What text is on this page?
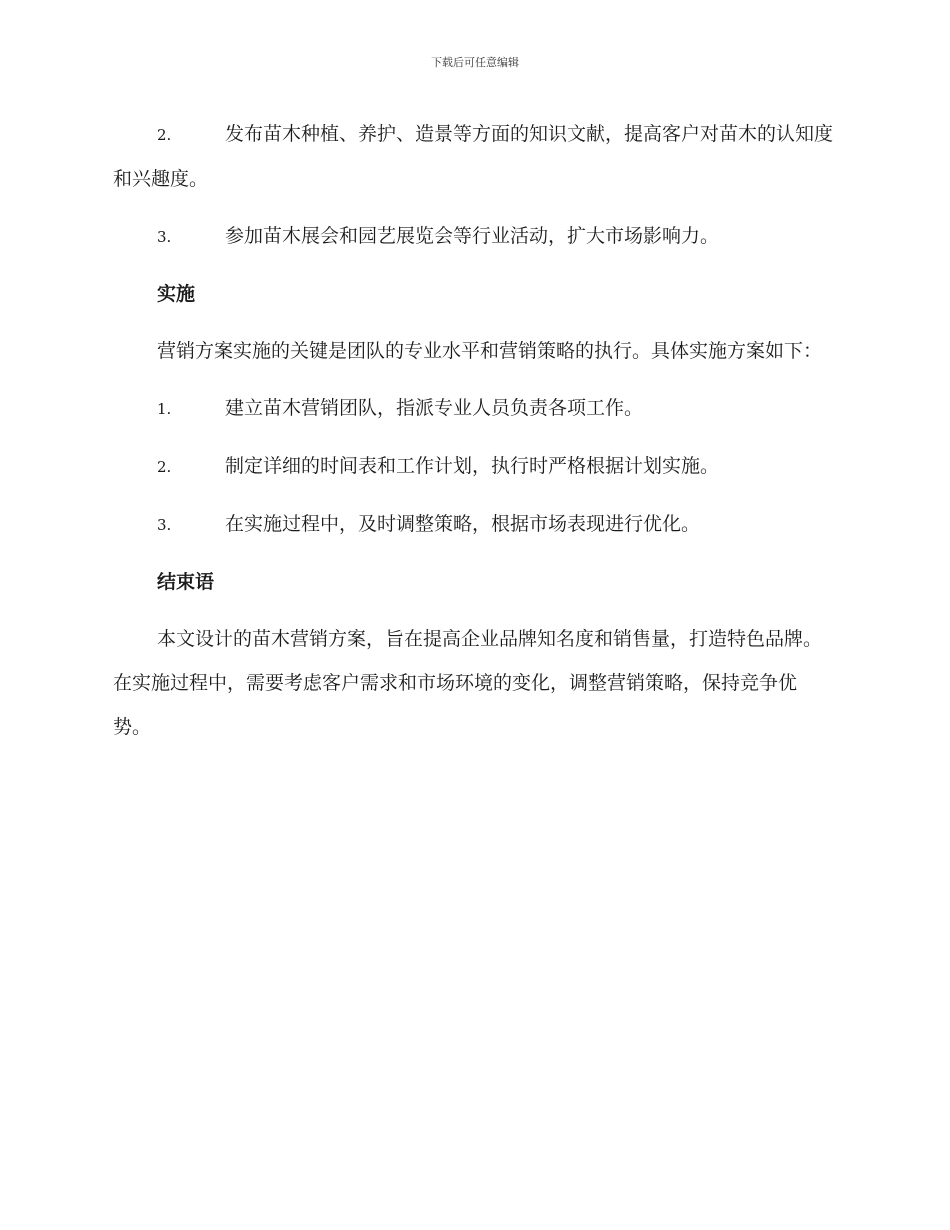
下载后可任意编辑

2.	发布苗木种植、养护、造景等方面的知识文献，提高客户对苗木的认知度和兴趣度。

3.	参加苗木展会和园艺展览会等行业活动，扩大市场影响力。

实施

营销方案实施的关键是团队的专业水平和营销策略的执行。具体实施方案如下：

1.	建立苗木营销团队，指派专业人员负责各项工作。

2.	制定详细的时间表和工作计划，执行时严格根据计划实施。

3.	在实施过程中，及时调整策略，根据市场表现进行优化。

结束语

本文设计的苗木营销方案，旨在提高企业品牌知名度和销售量，打造特色品牌。在实施过程中，需要考虑客户需求和市场环境的变化，调整营销策略，保持竞争优势。
